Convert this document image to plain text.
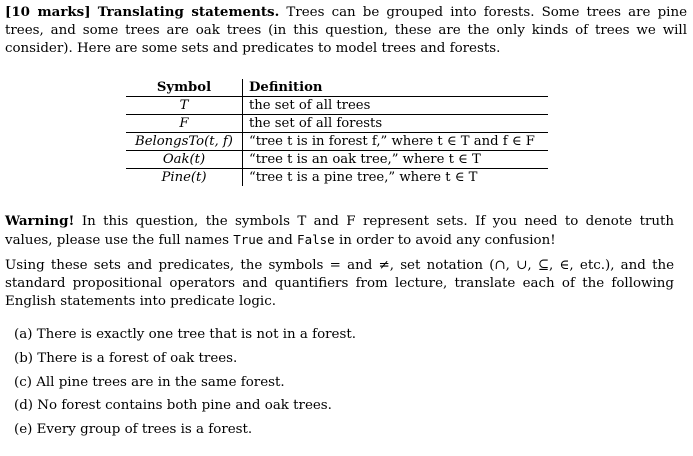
[10 marks] Translating statements. Trees can be grouped into forests. Some trees are pine trees, and some trees are oak trees (in this question, these are the only kinds of trees we will consider). Here are some sets and predicates to model trees and forests.

Symbol	Definition
T	the set of all trees
F	the set of all forests
BelongsTo(t, f)	“tree t is in forest f,” where t ∈ T and f ∈ F
Oak(t)	“tree t is an oak tree,” where t ∈ T
Pine(t)	“tree t is a pine tree,” where t ∈ T

Warning! In this question, the symbols T and F represent sets. If you need to denote truth values, please use the full names True and False in order to avoid any confusion!

Using these sets and predicates, the symbols = and ≠, set notation (∩, ∪, ⊆, ∈, etc.), and the standard propositional operators and quantifiers from lecture, translate each of the following English statements into predicate logic.

(a) There is exactly one tree that is not in a forest.
(b) There is a forest of oak trees.
(c) All pine trees are in the same forest.
(d) No forest contains both pine and oak trees.
(e) Every group of trees is a forest.
